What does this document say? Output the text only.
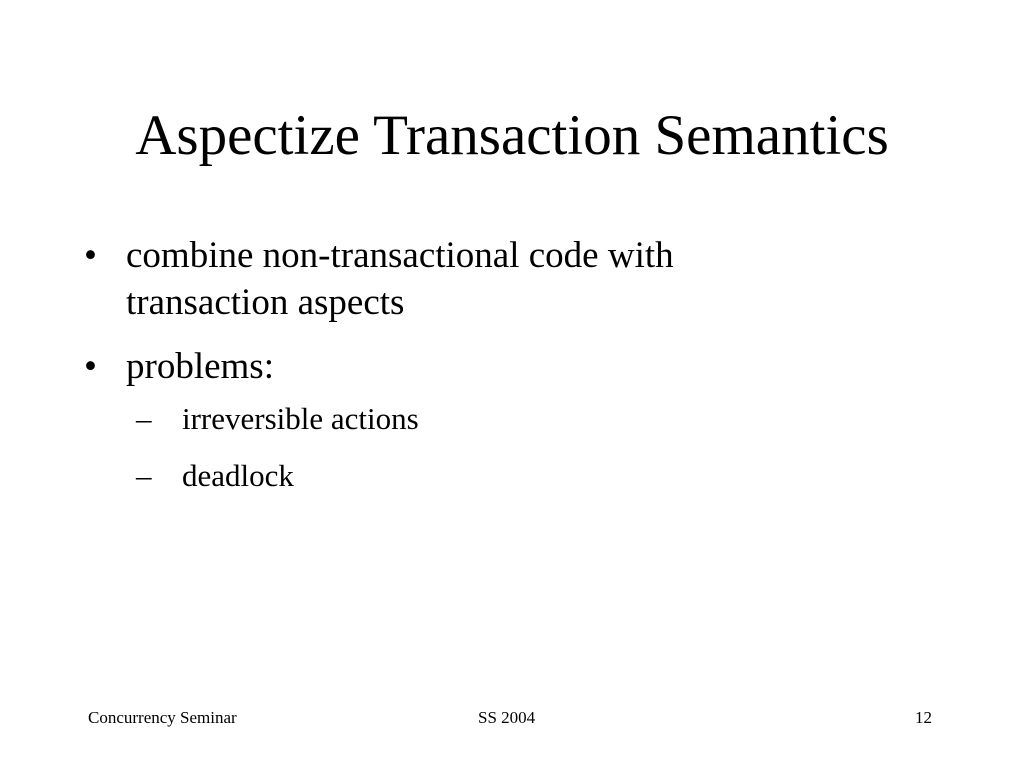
Aspectize Transaction Semantics
• combine non-transactional code with
transaction aspects
• problems:
– irreversible actions
– deadlock
Concurrency Seminar	SS 2004	12
